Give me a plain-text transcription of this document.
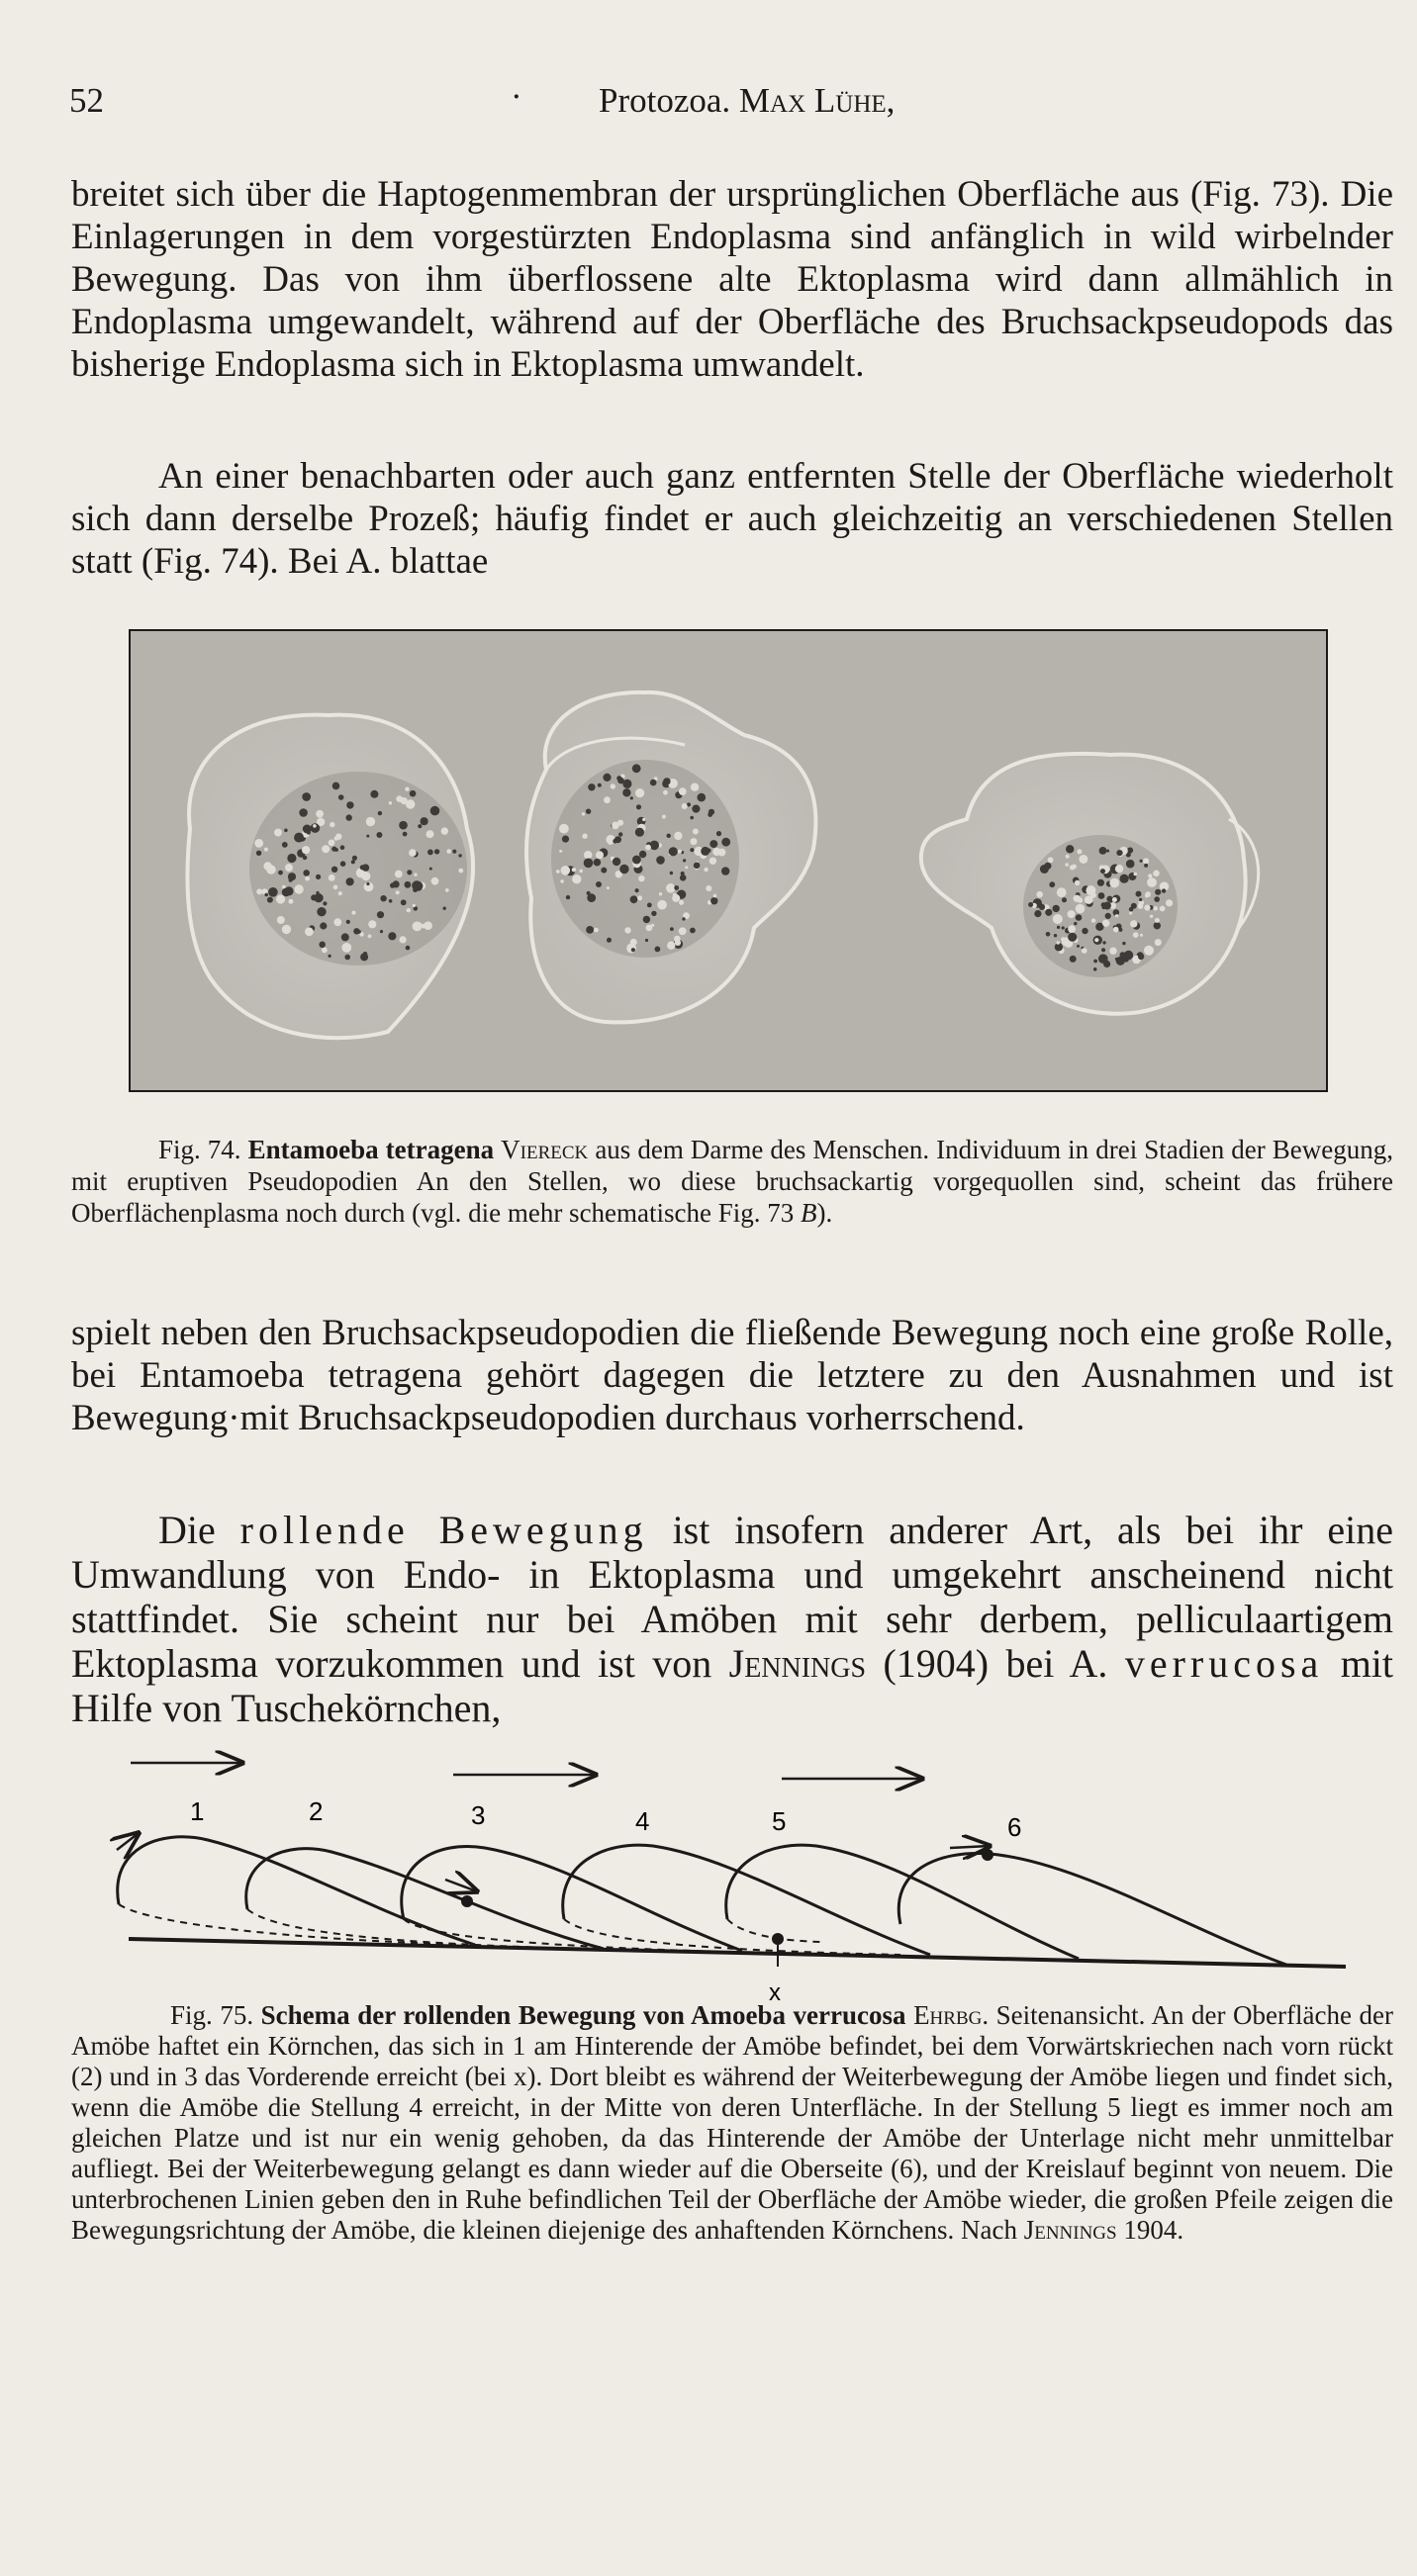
52	· Protozoa. Max Lühe,
breitet sich über die Haptogenmembran der ursprünglichen Oberfläche aus (Fig. 73). Die Einlagerungen in dem vorgestürzten Endoplasma sind anfänglich in wild wirbelnder Bewegung. Das von ihm überflossene alte Ektoplasma wird dann allmählich in Endoplasma umgewandelt, während auf der Oberfläche des Bruchsackpseudopods das bisherige Endoplasma sich in Ektoplasma umwandelt.
An einer benachbarten oder auch ganz entfernten Stelle der Oberfläche wiederholt sich dann derselbe Prozeß; häufig findet er auch gleichzeitig an verschiedenen Stellen statt (Fig. 74). Bei A. blattae
Fig. 74. Entamoeba tetragena Viereck aus dem Darme des Menschen. Individuum in drei Stadien der Bewegung, mit eruptiven Pseudopodien An den Stellen, wo diese bruchsackartig vorgequollen sind, scheint das frühere Oberflächenplasma noch durch (vgl. die mehr schematische Fig. 73 B).
spielt neben den Bruchsackpseudopodien die fließende Bewegung noch eine große Rolle, bei Entamoeba tetragena gehört dagegen die letztere zu den Ausnahmen und ist Bewegung·mit Bruchsackpseudopodien durchaus vorherrschend.
Die rollende Bewegung ist insofern anderer Art, als bei ihr eine Umwandlung von Endo- in Ektoplasma und umgekehrt anscheinend nicht stattfindet. Sie scheint nur bei Amöben mit sehr derbem, pelliculaartigem Ektoplasma vorzukommen und ist von Jennings (1904) bei A. verrucosa mit Hilfe von Tuschekörnchen,
1	2	3	4	5	6
x
Fig. 75. Schema der rollenden Bewegung von Amoeba verrucosa Ehrbg. Seitenansicht. An der Oberfläche der Amöbe haftet ein Körnchen, das sich in 1 am Hinterende der Amöbe befindet, bei dem Vorwärtskriechen nach vorn rückt (2) und in 3 das Vorderende erreicht (bei x). Dort bleibt es während der Weiterbewegung der Amöbe liegen und findet sich, wenn die Amöbe die Stellung 4 erreicht, in der Mitte von deren Unterfläche. In der Stellung 5 liegt es immer noch am gleichen Platze und ist nur ein wenig gehoben, da das Hinterende der Amöbe der Unterlage nicht mehr unmittelbar aufliegt. Bei der Weiterbewegung gelangt es dann wieder auf die Oberseite (6), und der Kreislauf beginnt von neuem. Die unterbrochenen Linien geben den in Ruhe befindlichen Teil der Oberfläche der Amöbe wieder, die großen Pfeile zeigen die Bewegungsrichtung der Amöbe, die kleinen diejenige des anhaftenden Körnchens. Nach Jennings 1904.
